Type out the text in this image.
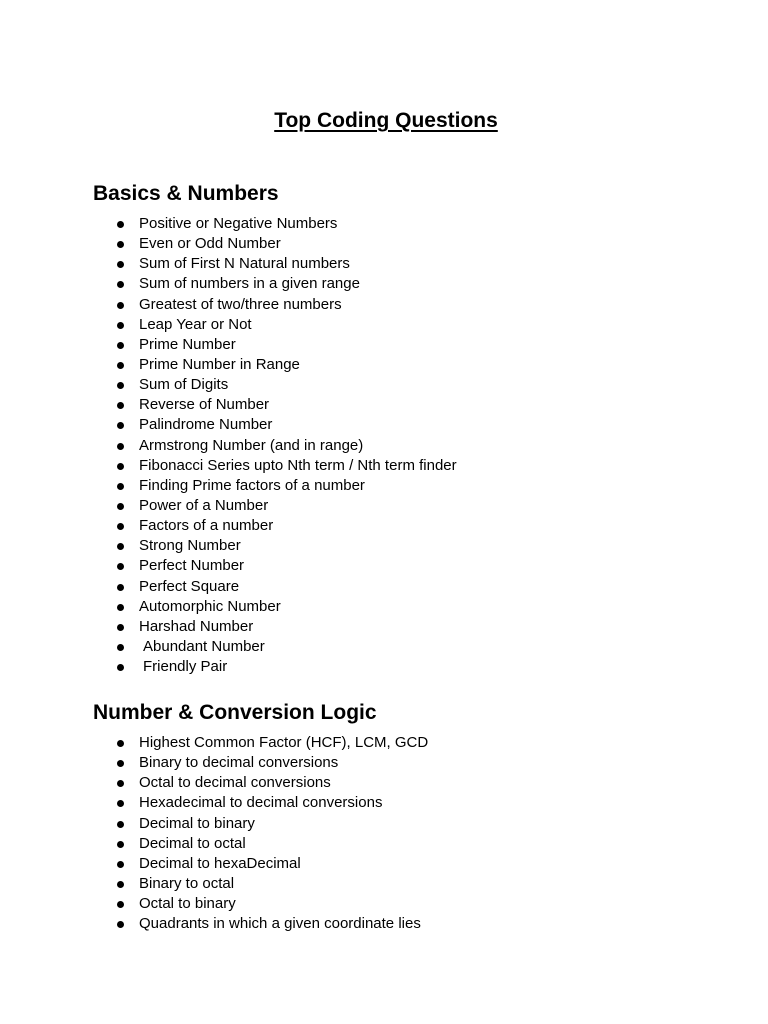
Top Coding Questions
Basics & Numbers
Positive or Negative Numbers
Even or Odd Number
Sum of First N Natural numbers
Sum of numbers in a given range
Greatest of two/three numbers
Leap Year or Not
Prime Number
Prime Number in Range
Sum of Digits
Reverse of Number
Palindrome Number
Armstrong Number (and in range)
Fibonacci Series upto Nth term / Nth term finder
Finding Prime factors of a number
Power of a Number
Factors of a number
Strong Number
Perfect Number
Perfect Square
Automorphic Number
Harshad Number
Abundant Number
Friendly Pair
Number & Conversion Logic
Highest Common Factor (HCF), LCM, GCD
Binary to decimal conversions
Octal to decimal conversions
Hexadecimal to decimal conversions
Decimal to binary
Decimal to octal
Decimal to hexaDecimal
Binary to octal
Octal to binary
Quadrants in which a given coordinate lies
